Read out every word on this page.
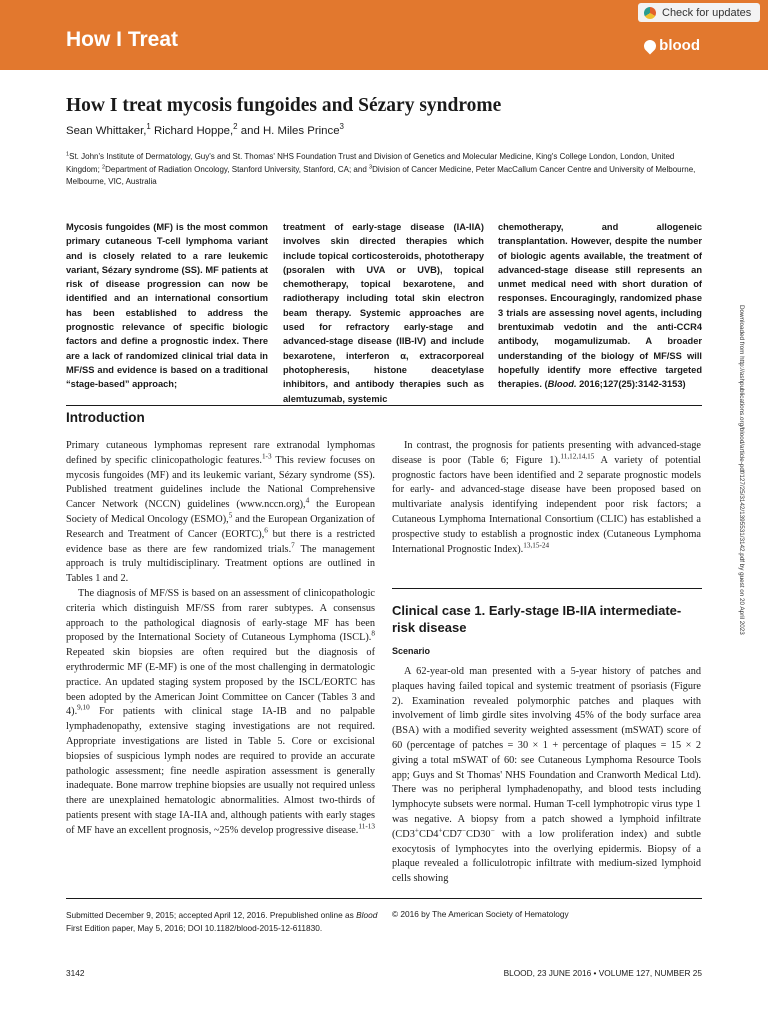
How I Treat	blood
Check for updates
How I treat mycosis fungoides and Sézary syndrome
Sean Whittaker,$^1$ Richard Hoppe,$^2$ and H. Miles Prince$^3$
$^1$St. John's Institute of Dermatology, Guy's and St. Thomas' NHS Foundation Trust and Division of Genetics and Molecular Medicine, King's College London, London, United Kingdom; $^2$Department of Radiation Oncology, Stanford University, Stanford, CA; and $^3$Division of Cancer Medicine, Peter MacCallum Cancer Centre and University of Melbourne, Melbourne, VIC, Australia
Mycosis fungoides (MF) is the most common primary cutaneous T-cell lymphoma variant and is closely related to a rare leukemic variant, Sézary syndrome (SS). MF patients at risk of disease progression can now be identified and an international consortium has been established to address the prognostic relevance of specific biologic factors and define a prognostic index. There are a lack of randomized clinical trial data in MF/SS and evidence is based on a traditional “stage-based” approach;
treatment of early-stage disease (IA-IIA) involves skin directed therapies which include topical corticosteroids, phototherapy (psoralen with UVA or UVB), topical chemotherapy, topical bexarotene, and radiotherapy including total skin electron beam therapy. Systemic approaches are used for refractory early-stage and advanced-stage disease (IIB-IV) and include bexarotene, interferon α, extracorporeal photopheresis, histone deacetylase inhibitors, and antibody therapies such as alemtuzumab, systemic
chemotherapy, and allogeneic transplantation. However, despite the number of biologic agents available, the treatment of advanced-stage disease still represents an unmet medical need with short duration of responses. Encouragingly, randomized phase 3 trials are assessing novel agents, including brentuximab vedotin and the anti-CCR4 antibody, mogamulizumab. A broader understanding of the biology of MF/SS will hopefully identify more effective targeted therapies. (Blood. 2016;127(25):3142-3153)
Introduction

Primary cutaneous lymphomas represent rare extranodal lymphomas defined by specific clinicopathologic features.$^{1-3}$ This review focuses on mycosis fungoides (MF) and its leukemic variant, Sézary syndrome (SS). Published treatment guidelines include the National Comprehensive Cancer Network (NCCN) guidelines (www.nccn.org),$^4$ the European Society of Medical Oncology (ESMO),$^5$ and the European Organization of Research and Treatment of Cancer (EORTC),$^6$ but there is a restricted evidence base as there are few randomized trials.$^7$ The management approach is truly multidisciplinary. Treatment options are outlined in Tables 1 and 2.

The diagnosis of MF/SS is based on an assessment of clinicopathologic criteria which distinguish MF/SS from rarer subtypes. A consensus approach to the pathological diagnosis of early-stage MF has been proposed by the International Society of Cutaneous Lymphoma (ISCL).$^8$ Repeated skin biopsies are often required but the diagnosis of erythrodermic MF (E-MF) is one of the most challenging in dermatologic practice. An updated staging system proposed by the ISCL/EORTC has been adopted by the American Joint Committee on Cancer (Tables 3 and 4).$^{9,10}$ For patients with clinical stage IA-IB and no palpable lymphadenopathy, extensive staging investigations are not required. Appropriate investigations are listed in Table 5. Core or excisional biopsies of suspicious lymph nodes are required to provide an accurate pathologic assessment; fine needle aspiration assessment is generally inadequate. Bone marrow trephine biopsies are usually not required unless there are unexplained hematologic abnormalities. Almost two-thirds of patients present with stage IA-IIA and, although patients with early stages of MF have an excellent prognosis, ~25% develop progressive disease.$^{11-13}$

In contrast, the prognosis for patients presenting with advanced-stage disease is poor (Table 6; Figure 1).$^{11,12,14,15}$ A variety of potential prognostic factors have been identified and 2 separate prognostic models for early- and advanced-stage disease have been proposed based on multivariate analysis identifying independent poor risk factors; a Cutaneous Lymphoma International Consortium (CLIC) has established a prospective study to establish a prognostic index (Cutaneous Lymphoma International Prognostic Index).$^{13,15-24}$

Clinical case 1. Early-stage IB-IIA intermediate-risk disease
Scenario

A 62-year-old man presented with a 5-year history of patches and plaques having failed topical and systemic treatment of psoriasis (Figure 2). Examination revealed polymorphic patches and plaques with involvement of limb girdle sites involving 45% of the body surface area (BSA) with a modified severity weighted assessment (mSWAT) score of 60 (percentage of patches = 30 × 1 + percentage of plaques = 15 × 2 giving a total mSWAT of 60: see Cutaneous Lymphoma Resource Tools app; Guys and St Thomas' NHS Foundation and Cranworth Medical Ltd). There was no peripheral lymphadenopathy, and blood tests including lymphocyte subsets were normal. Human T-cell lymphotropic virus type 1 was negative. A biopsy from a patch showed a lymphoid infiltrate (CD3+CD4+CD7−CD30− with a low proliferation index) and subtle exocytosis of lymphocytes into the overlying epidermis. Biopsy of a plaque revealed a folliculotropic infiltrate with medium-sized lymphoid cells showing

Submitted December 9, 2015; accepted April 12, 2016. Prepublished online as Blood First Edition paper, May 5, 2016; DOI 10.1182/blood-2015-12-611830.
© 2016 by The American Society of Hematology
3142	BLOOD, 23 JUNE 2016 • VOLUME 127, NUMBER 25
Downloaded from http://ashpublications.org/blood/article-pdf/127/25/3142/1395531/3142.pdf by guest on 20 April 2023
